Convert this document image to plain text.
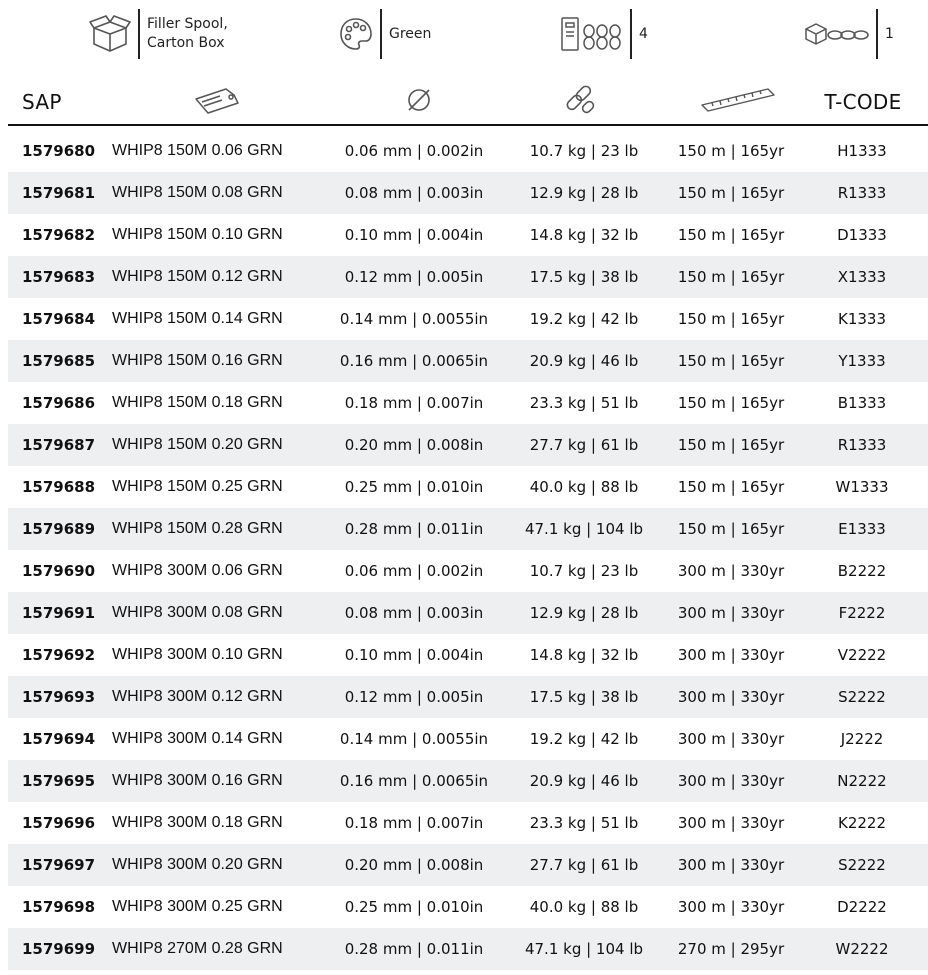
Filler Spool,
Carton Box
Green	4	1
SAP	T-CODE
1579680 WHIP8 150M 0.06 GRN	0.06 mm | 0.002in	10.7 kg | 23 lb	150 m | 165yr	H1333
1579681 WHIP8 150M 0.08 GRN	0.08 mm | 0.003in	12.9 kg | 28 lb	150 m | 165yr	R1333
1579682 WHIP8 150M 0.10 GRN	0.10 mm | 0.004in	14.8 kg | 32 lb	150 m | 165yr	D1333
1579683 WHIP8 150M 0.12 GRN	0.12 mm | 0.005in	17.5 kg | 38 lb	150 m | 165yr	X1333
1579684 WHIP8 150M 0.14 GRN	0.14 mm | 0.0055in	19.2 kg | 42 lb	150 m | 165yr	K1333
1579685 WHIP8 150M 0.16 GRN	0.16 mm | 0.0065in	20.9 kg | 46 lb	150 m | 165yr	Y1333
1579686 WHIP8 150M 0.18 GRN	0.18 mm | 0.007in	23.3 kg | 51 lb	150 m | 165yr	B1333
1579687 WHIP8 150M 0.20 GRN	0.20 mm | 0.008in	27.7 kg | 61 lb	150 m | 165yr	R1333
1579688 WHIP8 150M 0.25 GRN	0.25 mm | 0.010in	40.0 kg | 88 lb	150 m | 165yr	W1333
1579689 WHIP8 150M 0.28 GRN	0.28 mm | 0.011in	47.1 kg | 104 lb	150 m | 165yr	E1333
1579690 WHIP8 300M 0.06 GRN	0.06 mm | 0.002in	10.7 kg | 23 lb	300 m | 330yr	B2222
1579691 WHIP8 300M 0.08 GRN	0.08 mm | 0.003in	12.9 kg | 28 lb	300 m | 330yr	F2222
1579692 WHIP8 300M 0.10 GRN	0.10 mm | 0.004in	14.8 kg | 32 lb	300 m | 330yr	V2222
1579693 WHIP8 300M 0.12 GRN	0.12 mm | 0.005in	17.5 kg | 38 lb	300 m | 330yr	S2222
1579694 WHIP8 300M 0.14 GRN	0.14 mm | 0.0055in	19.2 kg | 42 lb	300 m | 330yr	J2222
1579695 WHIP8 300M 0.16 GRN	0.16 mm | 0.0065in	20.9 kg | 46 lb	300 m | 330yr	N2222
1579696 WHIP8 300M 0.18 GRN	0.18 mm | 0.007in	23.3 kg | 51 lb	300 m | 330yr	K2222
1579697 WHIP8 300M 0.20 GRN	0.20 mm | 0.008in	27.7 kg | 61 lb	300 m | 330yr	S2222
1579698 WHIP8 300M 0.25 GRN	0.25 mm | 0.010in	40.0 kg | 88 lb	300 m | 330yr	D2222
1579699 WHIP8 270M 0.28 GRN	0.28 mm | 0.011in	47.1 kg | 104 lb	270 m | 295yr	W2222
